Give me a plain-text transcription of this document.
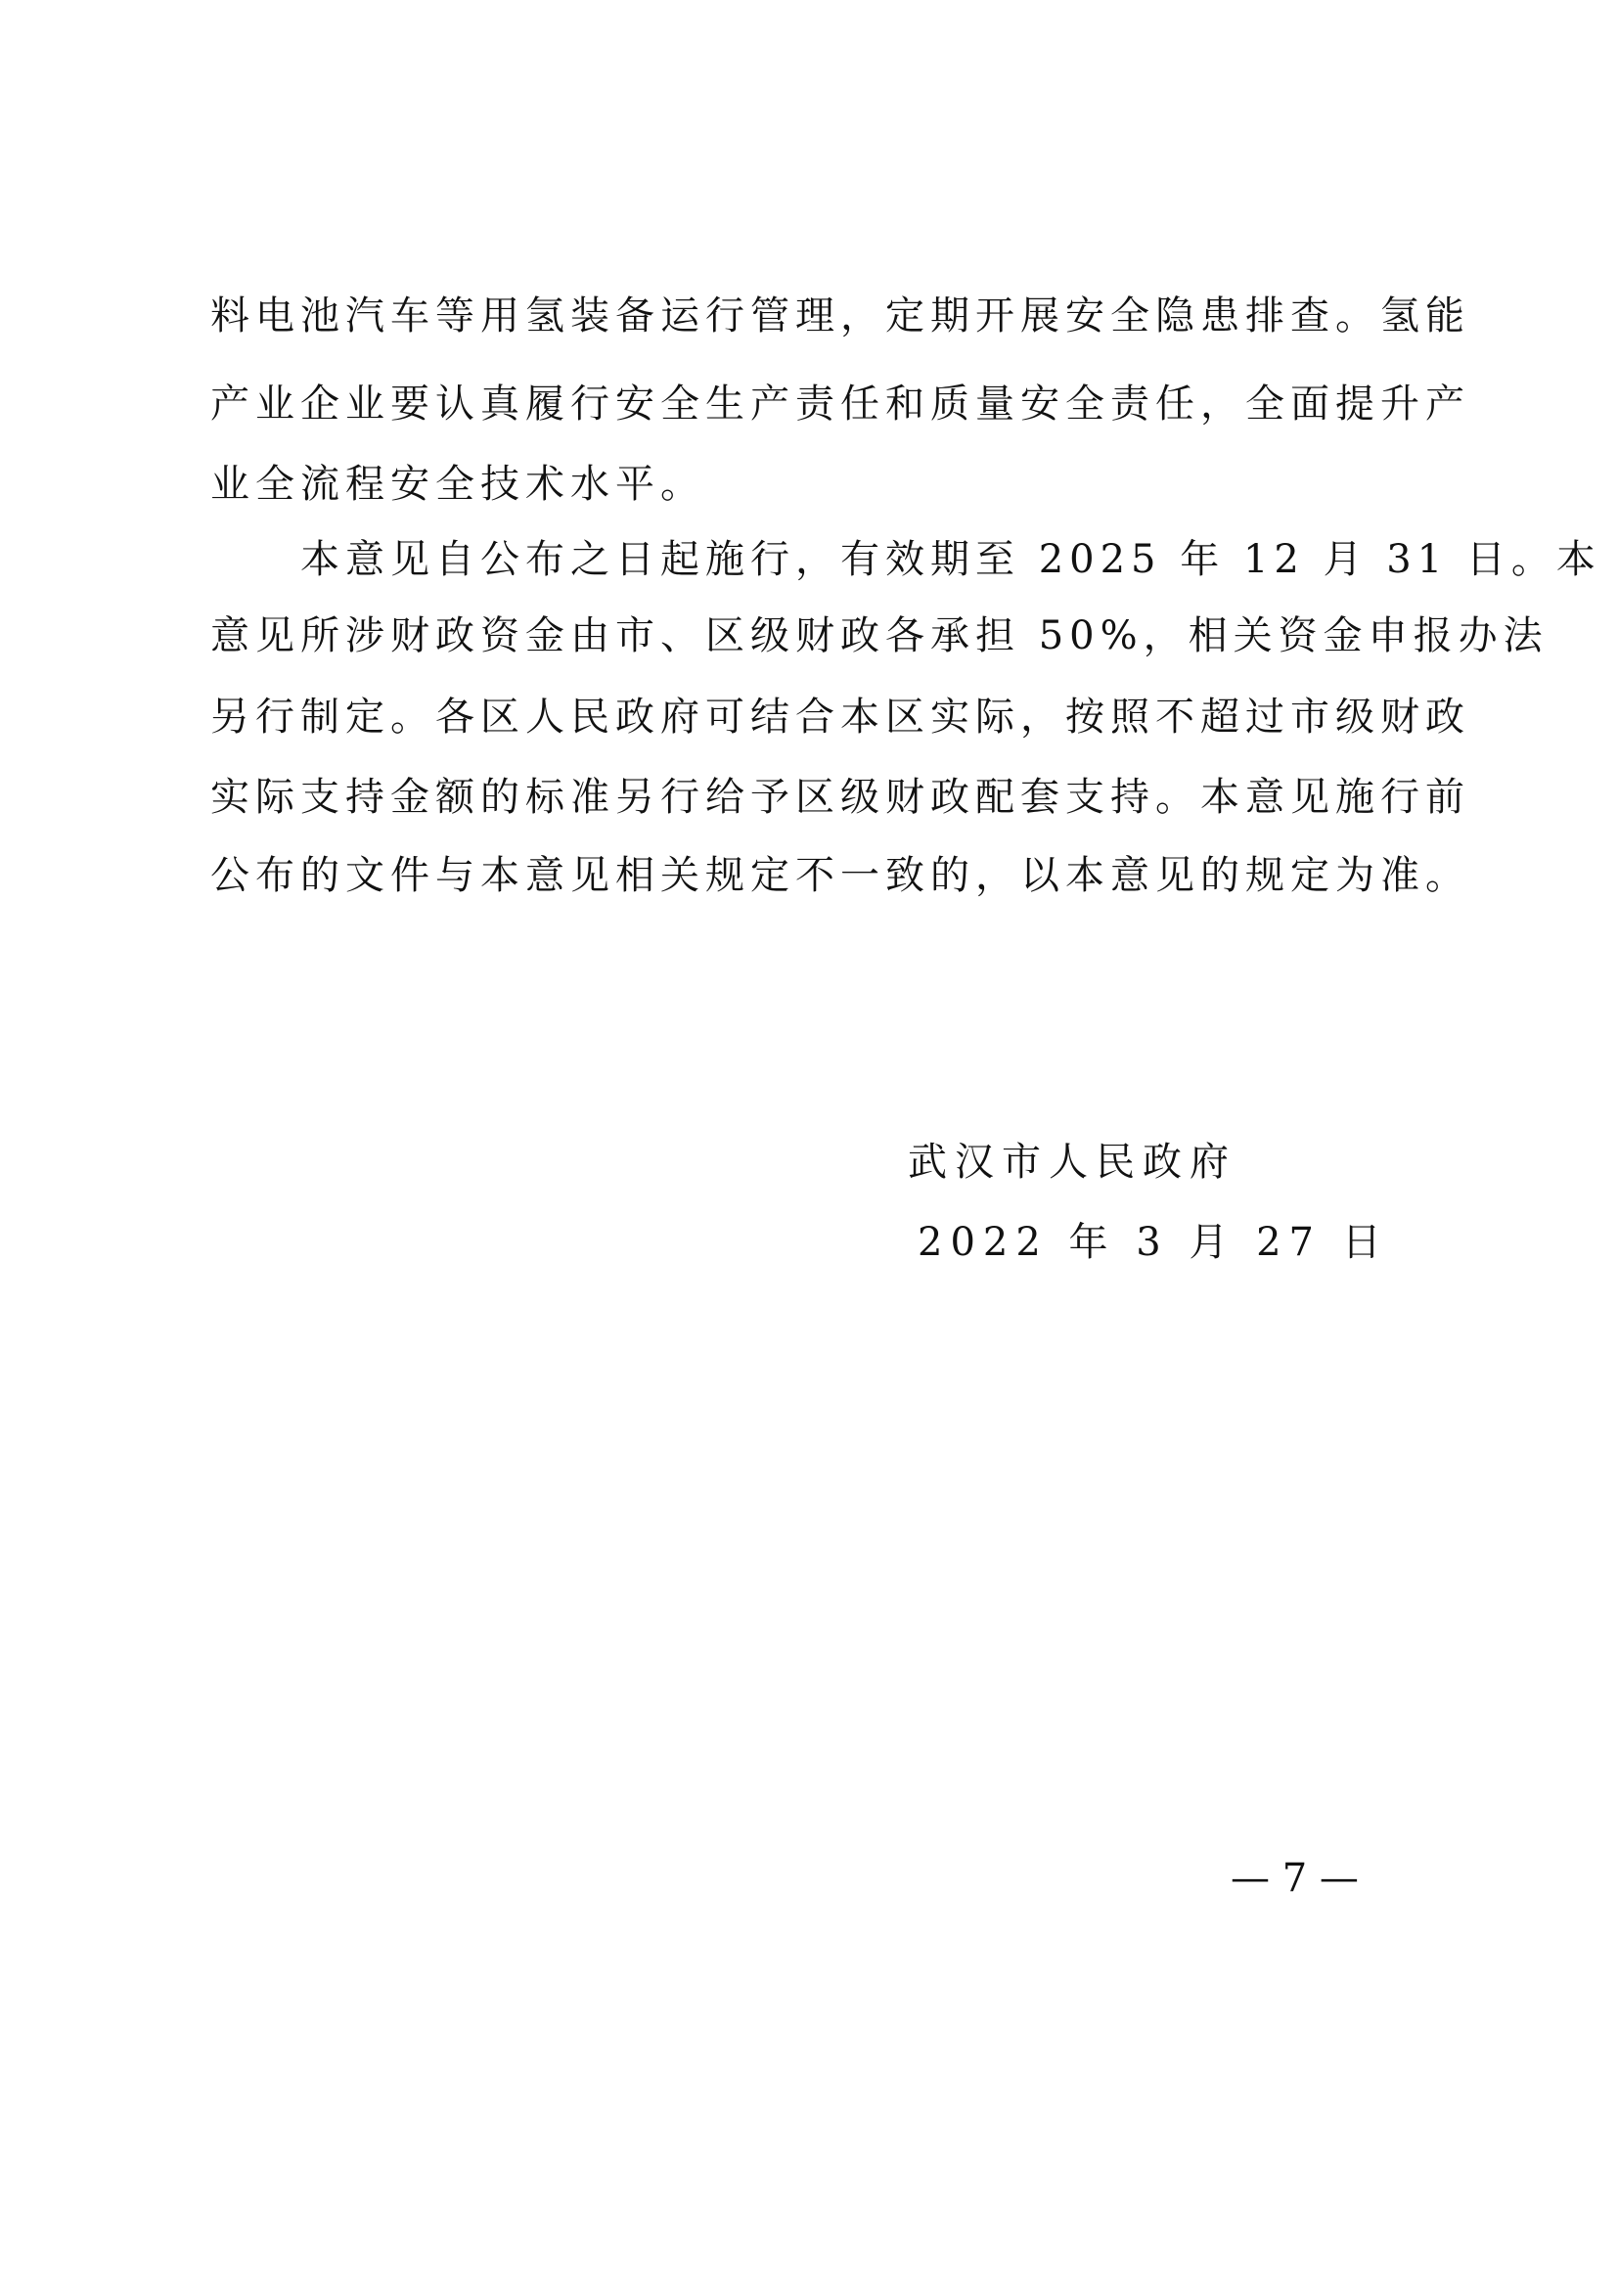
料电池汽车等用氢装备运行管理，定期开展安全隐患排查。氢能
产业企业要认真履行安全生产责任和质量安全责任，全面提升产
业全流程安全技术水平。
　　本意见自公布之日起施行，有效期至 2025 年 12 月 31 日。本
意见所涉财政资金由市、区级财政各承担 50%，相关资金申报办法
另行制定。各区人民政府可结合本区实际，按照不超过市级财政
实际支持金额的标准另行给予区级财政配套支持。本意见施行前
公布的文件与本意见相关规定不一致的，以本意见的规定为准。
武汉市人民政府
2022 年 3 月 27 日
— 7 —
